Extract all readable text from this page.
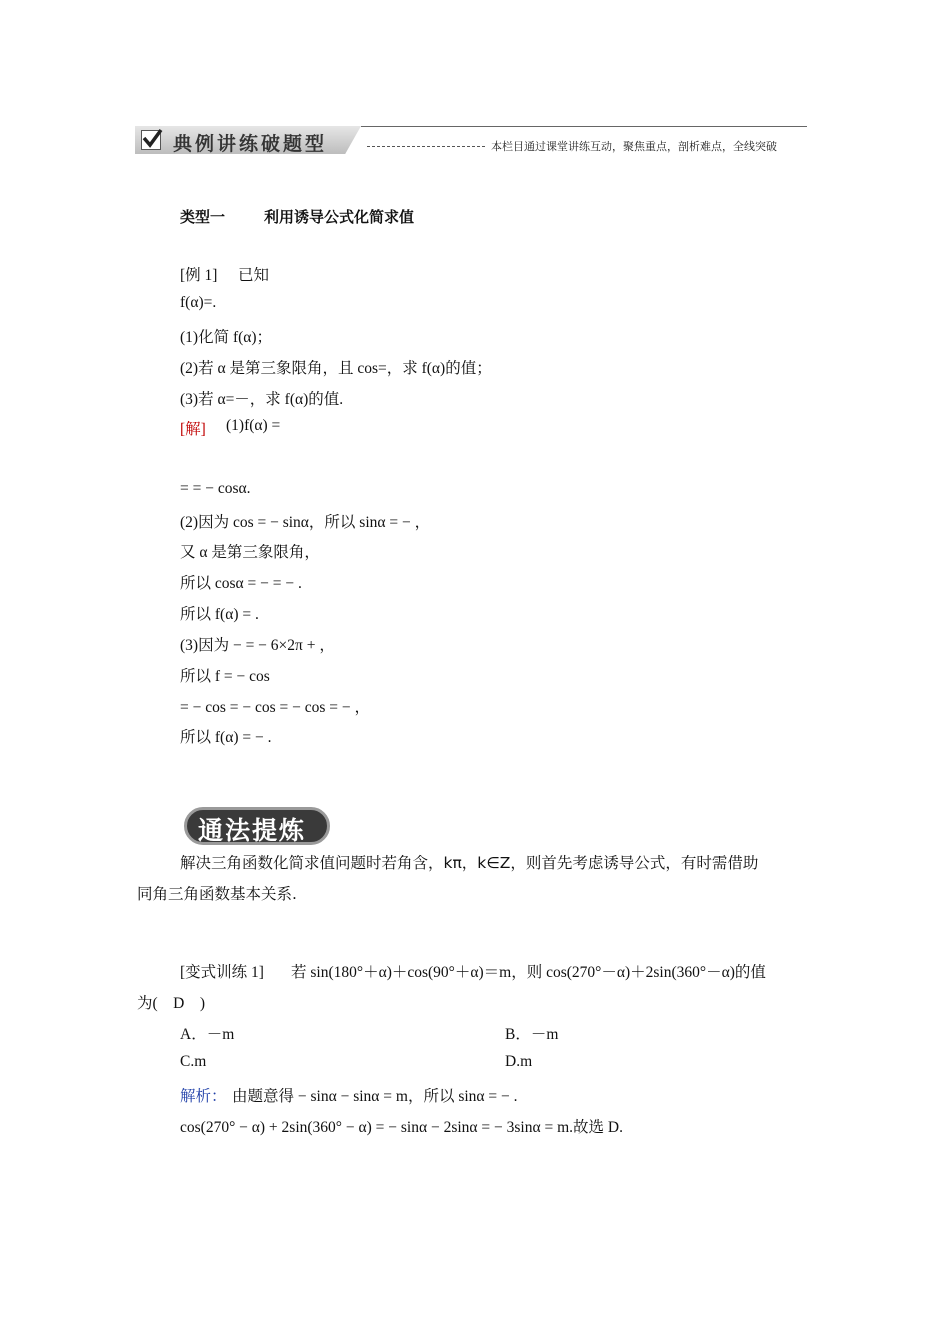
典例讲练破题型	本栏目通过课堂讲练互动，聚焦重点，剖析难点，全线突破
类型一	利用诱导公式化简求值
[例 1] 已知
f(α)=.
(1)化简 f(α)；
(2)若 α 是第三象限角，且 cos=，求 f(α)的值；
(3)若 α=－，求 f(α)的值.
[解] (1)f(α) =
= = − cosα.
(2)因为 cos = − sinα，所以 sinα = − ，
又 α 是第三象限角，
所以 cosα = − = − .
所以 f(α) = .
(3)因为 − = − 6×2π + ，
所以 f = − cos
= − cos = − cos = − cos = − ，
所以 f(α) = − .
通法提炼
解决三角函数化简求值问题时若角含，kπ，k∈Z，则首先考虑诱导公式，有时需借助
同角三角函数基本关系.
[变式训练 1] 若 sin(180°＋α)＋cos(90°＋α)＝m，则 cos(270°－α)＋2sin(360°－α)的值
为(　D　)
A．－m	B．－m
C.m	D.m
解析： 由题意得 − sinα − sinα = m，所以 sinα = − .
cos(270° − α) + 2sin(360° − α) = − sinα − 2sinα = − 3sinα = m.故选 D.
